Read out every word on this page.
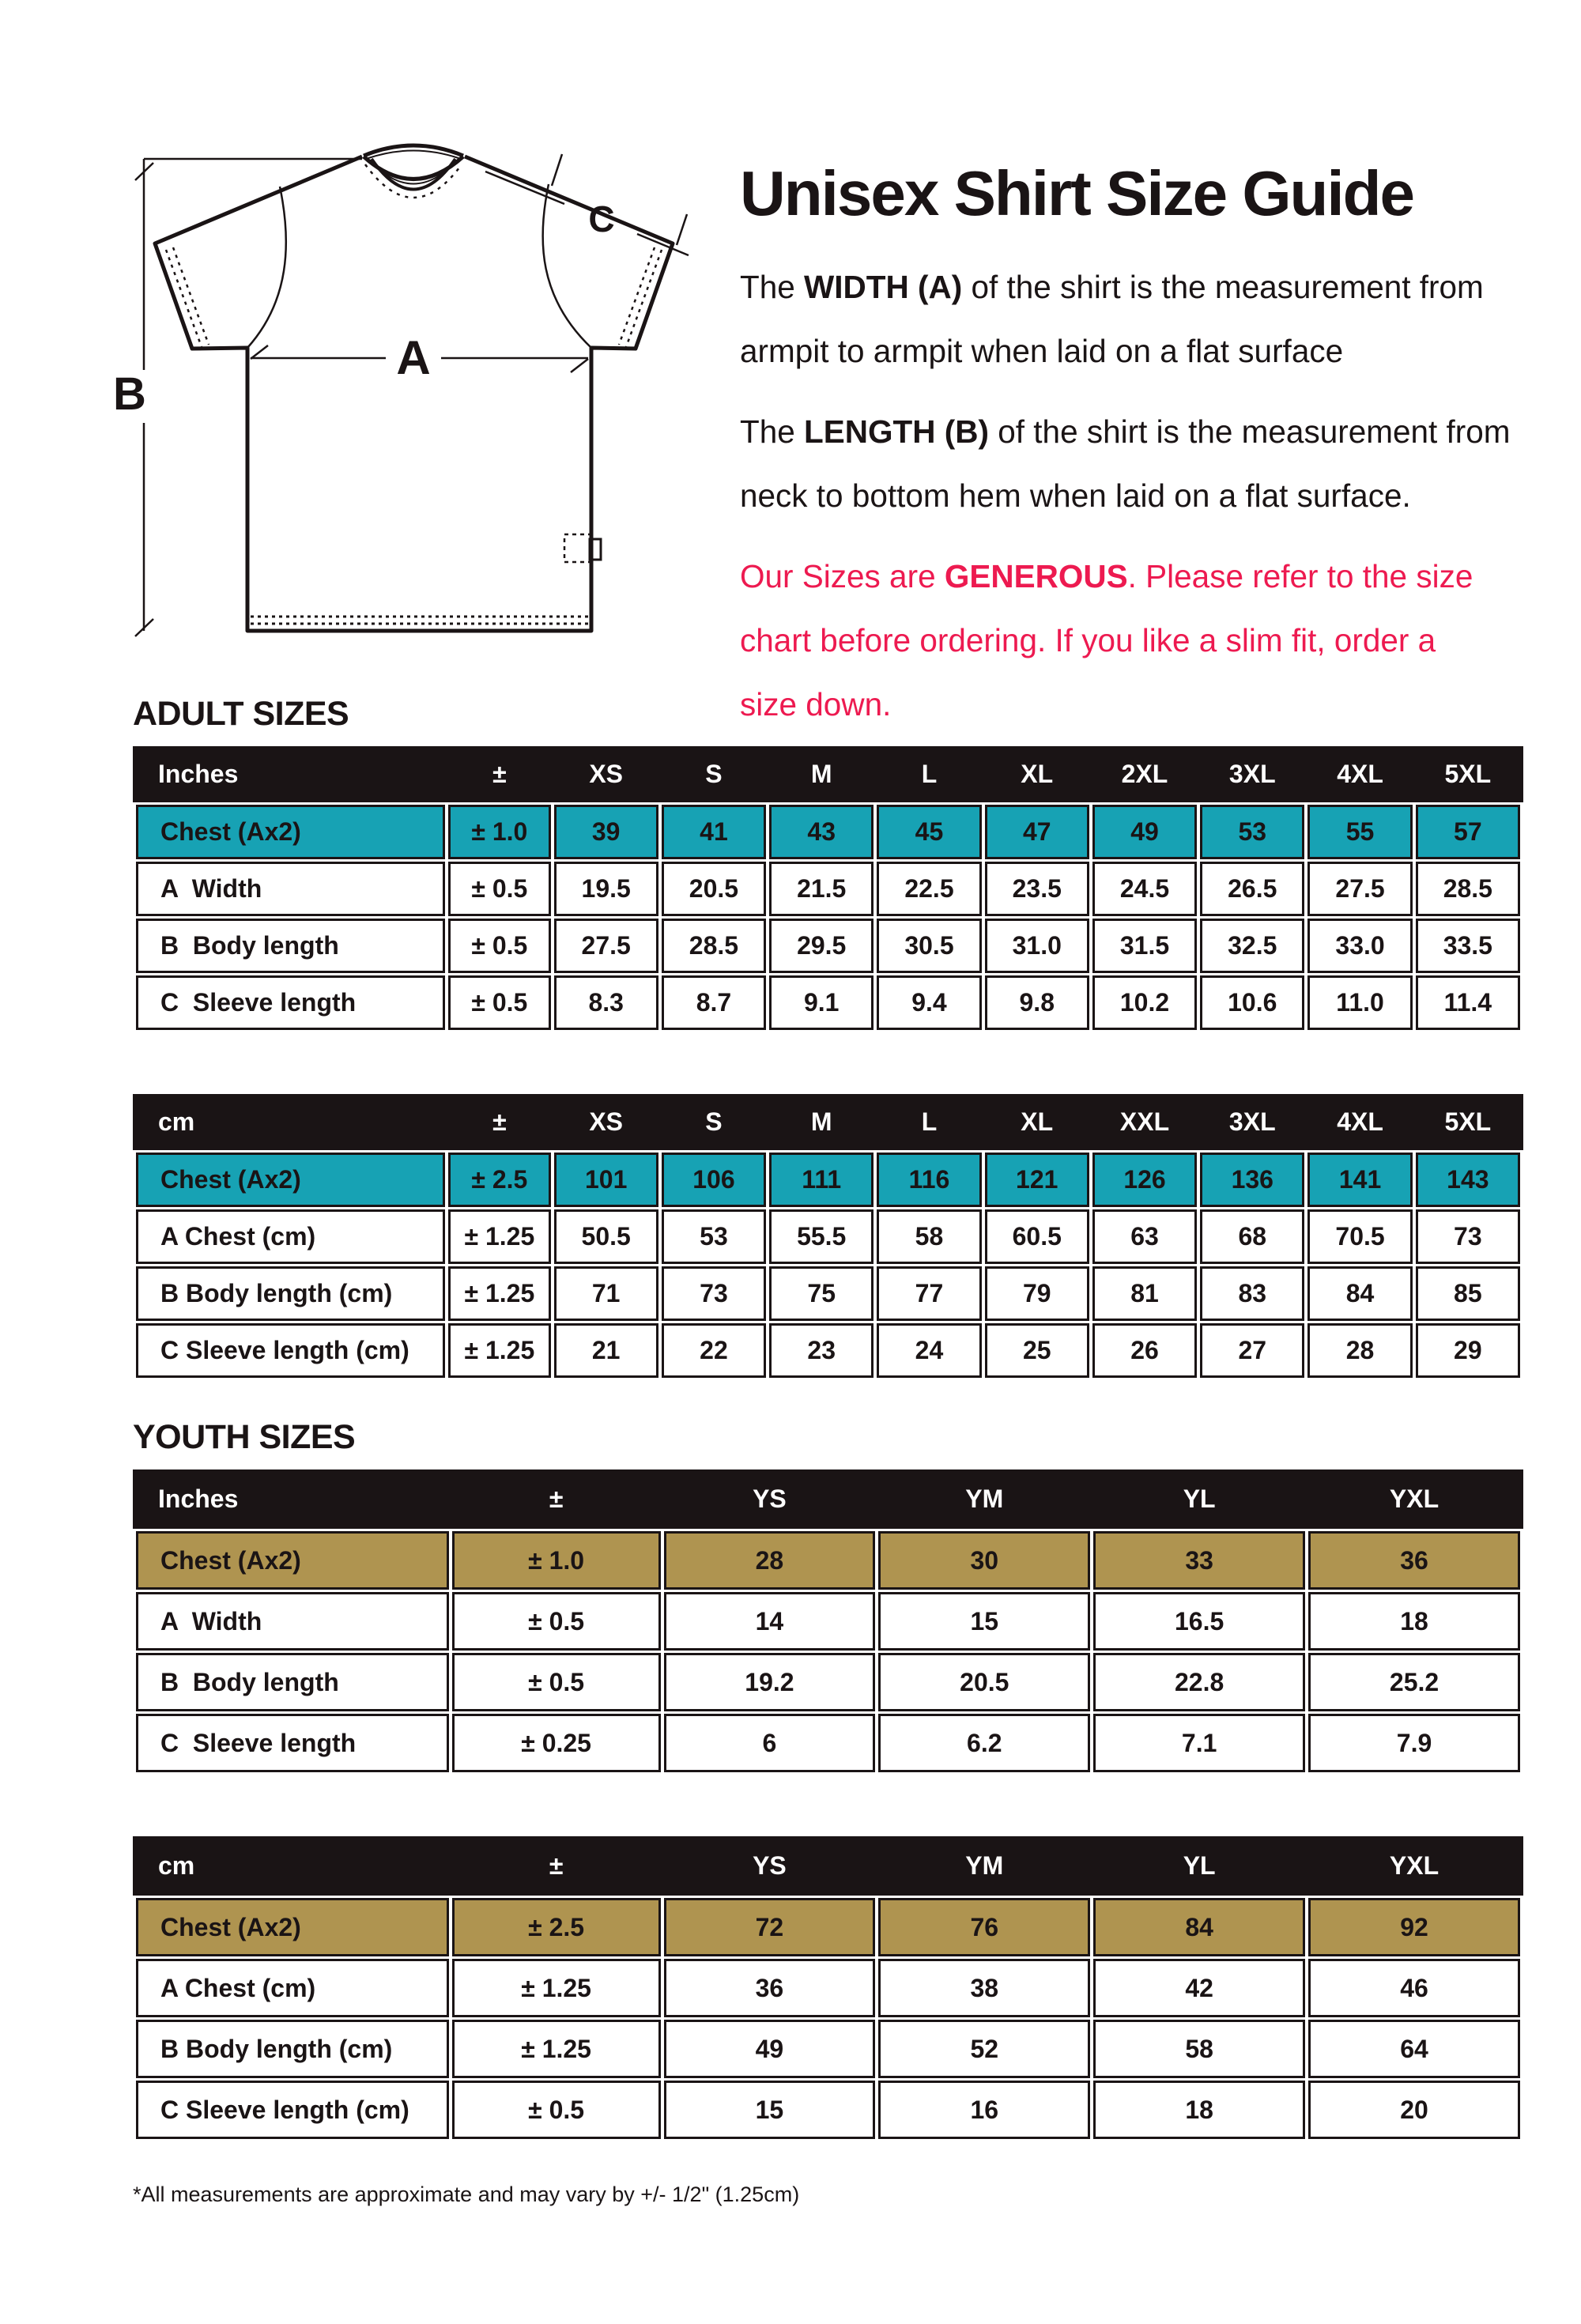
B
A
C Unisex Shirt Size Guide

The WIDTH (A) of the shirt is the measurement from
armpit to armpit when laid on a flat surface

The LENGTH (B) of the shirt is the measurement from
neck to bottom hem when laid on a flat surface.

Our Sizes are GENEROUS. Please refer to the size
chart before ordering. If you like a slim fit, order a
size down.

ADULT SIZES
Inches	±	XS	S	M	L	XL	2XL	3XL	4XL	5XL
Chest (Ax2)	± 1.0	39	41	43	45	47	49	53	55	57
A  Width	± 0.5	19.5	20.5	21.5	22.5	23.5	24.5	26.5	27.5	28.5
B  Body length	± 0.5	27.5	28.5	29.5	30.5	31.0	31.5	32.5	33.0	33.5
C  Sleeve length	± 0.5	8.3	8.7	9.1	9.4	9.8	10.2	10.6	11.0	11.4
cm	±	XS	S	M	L	XL	XXL	3XL	4XL	5XL
Chest (Ax2)	± 2.5	101	106	111	116	121	126	136	141	143
A Chest (cm)	± 1.25	50.5	53	55.5	58	60.5	63	68	70.5	73
B Body length (cm)	± 1.25	71	73	75	77	79	81	83	84	85
C Sleeve length (cm)	± 1.25	21	22	23	24	25	26	27	28	29
YOUTH SIZES
Inches	±	YS	YM	YL	YXL
Chest (Ax2)	± 1.0	28	30	33	36
A  Width	± 0.5	14	15	16.5	18
B  Body length	± 0.5	19.2	20.5	22.8	25.2
C  Sleeve length	± 0.25	6	6.2	7.1	7.9
cm	±	YS	YM	YL	YXL
Chest (Ax2)	± 2.5	72	76	84	92
A Chest (cm)	± 1.25	36	38	42	46
B Body length (cm)	± 1.25	49	52	58	64
C Sleeve length (cm)	± 0.5	15	16	18	20
*All measurements are approximate and may vary by +/- 1/2" (1.25cm)
